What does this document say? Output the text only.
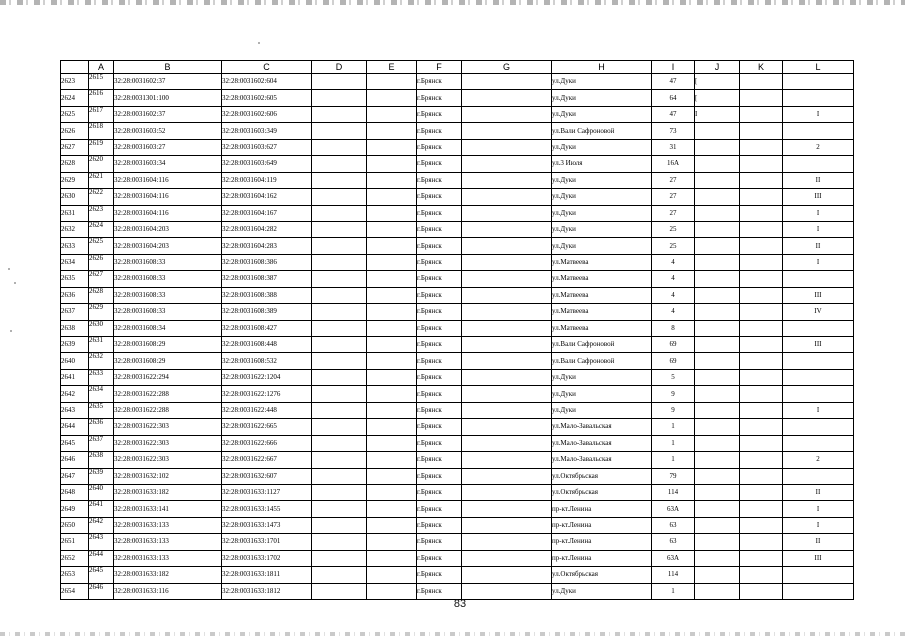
	A	B	C	D	E	F	G	H	I	J	K	L
2623	2615	32:28:0031602:37	32:28:0031602:604			г.Брянск		ул.Дуки	47	[		
2624	2616	32:28:0031301:100	32:28:0031602:605			г.Брянск		ул.Дуки	64	[		
2625	2617	32:28:0031602:37	32:28:0031602:606			г.Брянск		ул.Дуки	47	I		I
2626	2618	32:28:0031603:52	32:28:0031603:349			г.Брянск		ул.Вали Сафроновой	73			
2627	2619	32:28:0031603:27	32:28:0031603:627			г.Брянск		ул.Дуки	31			2
2628	2620	32:28:0031603:34	32:28:0031603:649			г.Брянск		ул.3 Июля	16А			
2629	2621	32:28:0031604:116	32:28:0031604:119			г.Брянск		ул.Дуки	27			II
2630	2622	32:28:0031604:116	32:28:0031604:162			г.Брянск		ул.Дуки	27			III
2631	2623	32:28:0031604:116	32:28:0031604:167			г.Брянск		ул.Дуки	27			I
2632	2624	32:28:0031604:203	32:28:0031604:282			г.Брянск		ул.Дуки	25			I
2633	2625	32:28:0031604:203	32:28:0031604:283			г.Брянск		ул.Дуки	25			II
2634	2626	32:28:0031608:33	32:28:0031608:386			г.Брянск		ул.Матвеева	4			I
2635	2627	32:28:0031608:33	32:28:0031608:387			г.Брянск		ул.Матвеева	4			
2636	2628	32:28:0031608:33	32:28:0031608:388			г.Брянск		ул.Матвеева	4			III
2637	2629	32:28:0031608:33	32:28:0031608:389			г.Брянск		ул.Матвеева	4			IV
2638	2630	32:28:0031608:34	32:28:0031608:427			г.Брянск		ул.Матвеева	8			
2639	2631	32:28:0031608:29	32:28:0031608:448			г.Брянск		ул.Вали Сафроновой	69			III
2640	2632	32:28:0031608:29	32:28:0031608:532			г.Брянск		ул.Вали Сафроновой	69			
2641	2633	32:28:0031622:294	32:28:0031622:1204			г.Брянск		ул.Дуки	5			
2642	2634	32:28:0031622:288	32:28:0031622:1276			г.Брянск		ул.Дуки	9			
2643	2635	32:28:0031622:288	32:28:0031622:448			г.Брянск		ул.Дуки	9			I
2644	2636	32:28:0031622:303	32:28:0031622:665			г.Брянск		ул.Мало-Завальская	1			
2645	2637	32:28:0031622:303	32:28:0031622:666			г.Брянск		ул.Мало-Завальская	1			
2646	2638	32:28:0031622:303	32:28:0031622:667			г.Брянск		ул.Мало-Завальская	1			2
2647	2639	32:28:0031632:102	32:28:0031632:607			г.Брянск		ул.Октябрьская	79			
2648	2640	32:28:0031633:182	32:28:0031633:1127			г.Брянск		ул.Октябрьская	114			II
2649	2641	32:28:0031633:141	32:28:0031633:1455			г.Брянск		пр-кт.Ленина	63А			I
2650	2642	32:28:0031633:133	32:28:0031633:1473			г.Брянск		пр-кт.Ленина	63			I
2651	2643	32:28:0031633:133	32:28:0031633:1701			г.Брянск		пр-кт.Ленина	63			II
2652	2644	32:28:0031633:133	32:28:0031633:1702			г.Брянск		пр-кт.Ленина	63А			III
2653	2645	32:28:0031633:182	32:28:0031633:1811			г.Брянск		ул.Октябрьская	114			
2654	2646	32:28:0031633:116	32:28:0031633:1812			г.Брянск		ул.Дуки	1			
83
